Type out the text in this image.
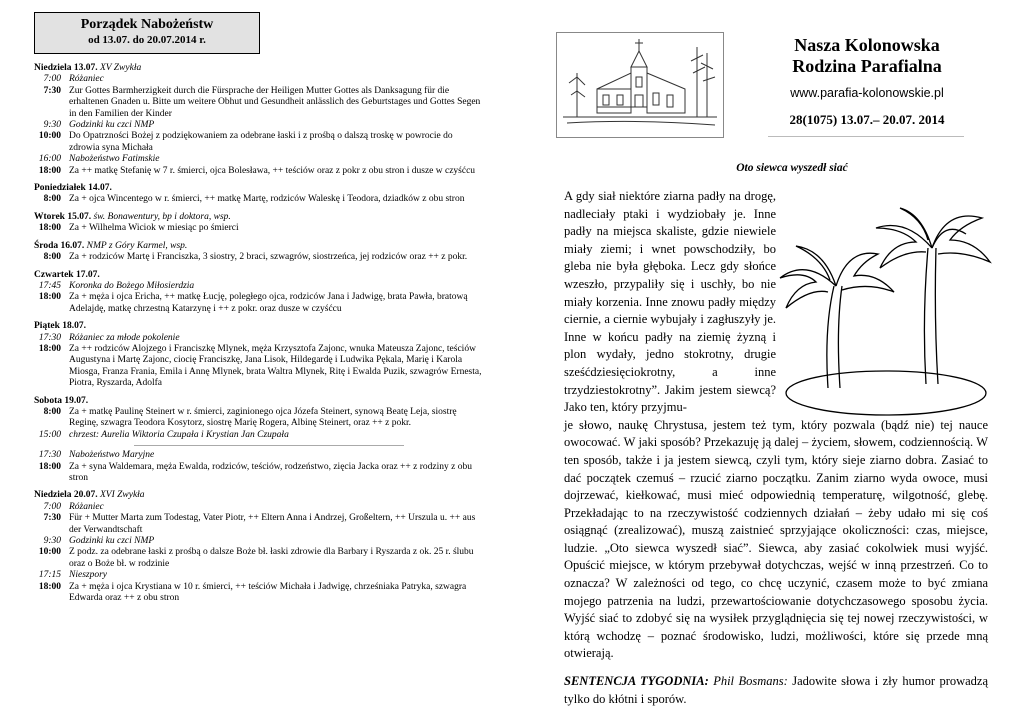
Porządek Nabożeństw
od 13.07. do 20.07.2014 r.
Niedziela 13.07. XV Zwykła
7:00 Różaniec
7:30 Zur Gottes Barmherzigkeit durch die Fürsprache der Heiligen Mutter Gottes als Danksagung für die erhaltenen Gnaden u. Bitte um weitere Obhut und Gesundheit anlässlich des Geburtstages und Gottes Segen in den Familien der Kinder
9:30 Godzinki ku czci NMP
10:00 Do Opatrzności Bożej z podziękowaniem za odebrane łaski i z prośbą o dalszą troskę w powrocie do zdrowia syna Michała
16:00 Nabożeństwo Fatimskie
18:00 Za ++ matkę Stefanię w 7 r. śmierci, ojca Bolesława, ++ teściów oraz z pokr z obu stron i dusze w czyśćcu
Poniedziałek 14.07.
8:00 Za + ojca Wincentego w r. śmierci, ++ matkę Martę, rodziców Waleskę i Teodora, dziadków z obu stron
Wtorek 15.07. św. Bonawentury, bp i doktora, wsp.
18:00 Za + Wilhelma Wiciok w miesiąc po śmierci
Środa 16.07. NMP z Góry Karmel, wsp.
8:00 Za + rodziców Martę i Franciszka, 3 siostry, 2 braci, szwagrów, siostrzeńca, jej rodziców oraz ++ z pokr.
Czwartek 17.07.
17:45 Koronka do Bożego Miłosierdzia
18:00 Za + męża i ojca Ericha, ++ matkę Łucję, poległego ojca, rodziców Jana i Jadwigę, brata Pawła, bratową Adelajdę, matkę chrzestną Katarzynę i ++ z pokr. oraz dusze w czyśćcu
Piątek 18.07.
17:30 Różaniec za młode pokolenie
18:00 Za ++ rodziców Alojzego i Franciszkę Mlynek, męża Krzysztofa Zajonc, wnuka Mateusza Zajonc, teściów Augustyna i Martę Zajonc, ciocię Franciszkę, Jana Lisok, Hildegardę i Ludwika Pękala, Marię i Karola Miosga, Franza Frania, Emila i Annę Mlynek, brata Waltra Mlynek, Ritę i Ewalda Puzik, szwagrów Ernesta, Piotra, Ryszarda, Adolfa
Sobota 19.07.
8:00 Za + matkę Paulinę Steinert w r. śmierci, zaginionego ojca Józefa Steinert, synową Beatę Leja, siostrę Reginę, szwagra Teodora Kosytorz, siostrę Marię Rogera, Albinę Steinert, oraz ++ z pokr.
15:00 chrzest: Aurelia Wiktoria Czupała i Krystian Jan Czupała
17:30 Nabożeństwo Maryjne
18:00 Za + syna Waldemara, męża Ewalda, rodziców, teściów, rodzeństwo, zięcia Jacka oraz ++ z rodziny z obu stron
Niedziela 20.07. XVI Zwykła
7:00 Różaniec
7:30 Für + Mutter Marta zum Todestag, Vater Piotr, ++ Eltern Anna i Andrzej, Großeltern, ++ Urszula u. ++ aus der Verwandtschaft
9:30 Godzinki ku czci NMP
10:00 Z podz. za odebrane łaski z prośbą o dalsze Boże bł. łaski zdrowie dla Barbary i Ryszarda z ok. 25 r. ślubu oraz o Boże bł. w rodzinie
17:15 Nieszpory
18:00 Za + męża i ojca Krystiana w 10 r. śmierci, ++ teściów Michała i Jadwigę, chrześniaka Patryka, szwagra Edwarda oraz ++ z obu stron
Nasza Kolonowska
Rodzina Parafialna
www.parafia-kolonowskie.pl
28(1075) 13.07.– 20.07. 2014
Oto siewca wyszedł siać
A gdy siał niektóre ziarna padły na drogę, nadleciały ptaki i wydziobały je. Inne padły na miejsca skaliste, gdzie niewiele miały ziemi; i wnet powschodziły, bo gleba nie była głęboka. Lecz gdy słońce wzeszło, przypaliły się i uschły, bo nie miały korzenia. Inne znowu padły między ciernie, a ciernie wybujały i zagłuszyły je. Inne w końcu padły na ziemię żyzną i plon wydały, jedno stokrotny, drugie sześćdziesięciokrotny, a inne trzydziestokrotny”. Jakim jestem siewcą? Jako ten, który przyjmu-
je słowo, naukę Chrystusa, jestem też tym, który pozwala (bądź nie) tej nauce owocować. W jaki sposób? Przekazuję ją dalej – życiem, słowem, codziennością. W ten sposób, także i ja jestem siewcą, czyli tym, który sieje ziarno dobra. Zasiać to dać początek czemuś – rzucić ziarno początku. Zanim ziarno wyda owoce, musi dojrzewać, kiełkować, musi mieć odpowiednią temperaturę, wilgotność, glebę. Przekładając to na rzeczywistość codziennych działań – żeby udało mi się coś osiągnąć (zrealizować), muszą zaistnieć sprzyjające okoliczności: czas, miejsce, ludzie. „Oto siewca wyszedł siać”. Siewca, aby zasiać cokolwiek musi wyjść. Opuścić miejsce, w którym przebywał dotychczas, wejść w inną przestrzeń. Co to oznacza? W zależności od tego, co chcę uczynić, czasem może to być zmiana mojego patrzenia na ludzi, przewartościowanie dotychczasowego sposobu życia. Wyjść siać to zdobyć się na wysiłek przyglądnięcia się tej nowej rzeczywistości, w którą wchodzę – poznać środowisko, ludzi, możliwości, które się przede mną otwierają.
SENTENCJA TYGODNIA: Phil Bosmans: Jadowite słowa i zły humor prowadzą tylko do kłótni i sporów.
